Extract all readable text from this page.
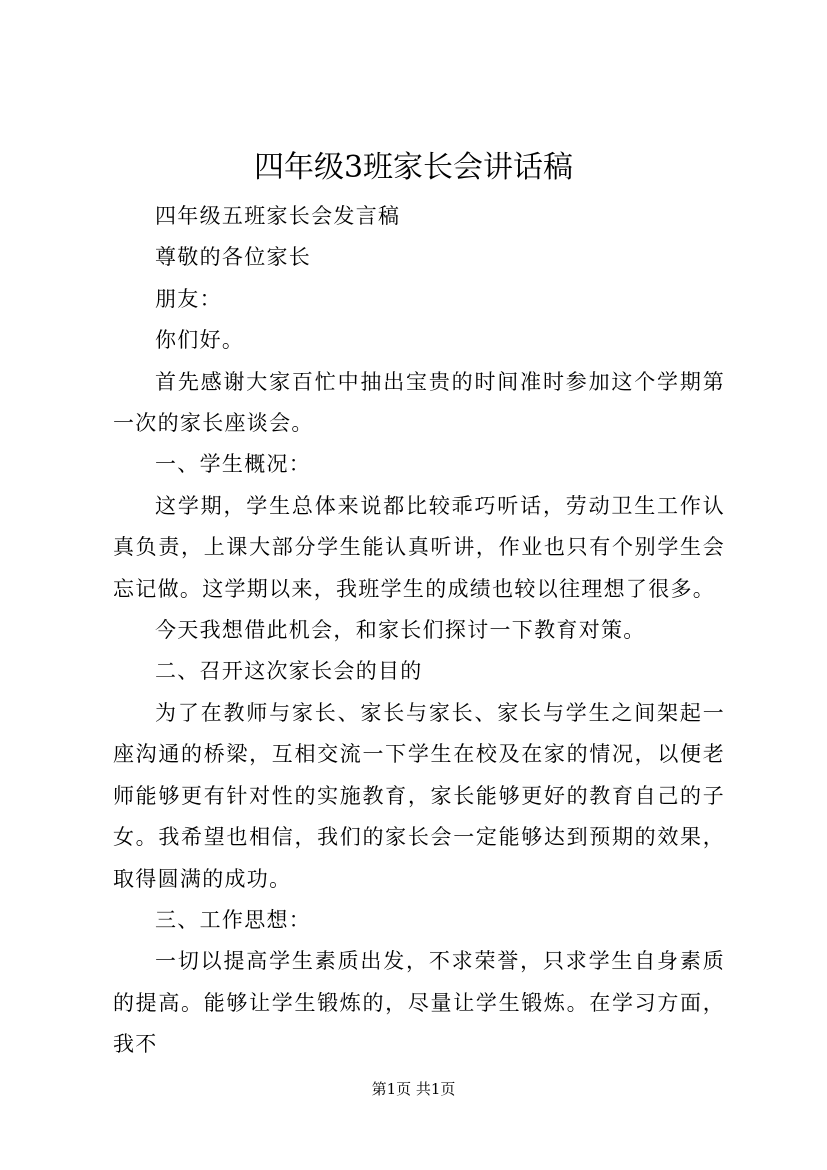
四年级3班家长会讲话稿

四年级五班家长会发言稿

尊敬的各位家长

朋友：

你们好。

首先感谢大家百忙中抽出宝贵的时间准时参加这个学期第一次的家长座谈会。

一、学生概况：

这学期，学生总体来说都比较乖巧听话，劳动卫生工作认真负责，上课大部分学生能认真听讲，作业也只有个别学生会忘记做。这学期以来，我班学生的成绩也较以往理想了很多。

今天我想借此机会，和家长们探讨一下教育对策。

二、召开这次家长会的目的

为了在教师与家长、家长与家长、家长与学生之间架起一座沟通的桥梁，互相交流一下学生在校及在家的情况，以便老师能够更有针对性的实施教育，家长能够更好的教育自己的子女。我希望也相信，我们的家长会一定能够达到预期的效果，取得圆满的成功。

三、工作思想：

一切以提高学生素质出发，不求荣誉，只求学生自身素质的提高。能够让学生锻炼的，尽量让学生锻炼。在学习方面，我不

第1页 共1页
